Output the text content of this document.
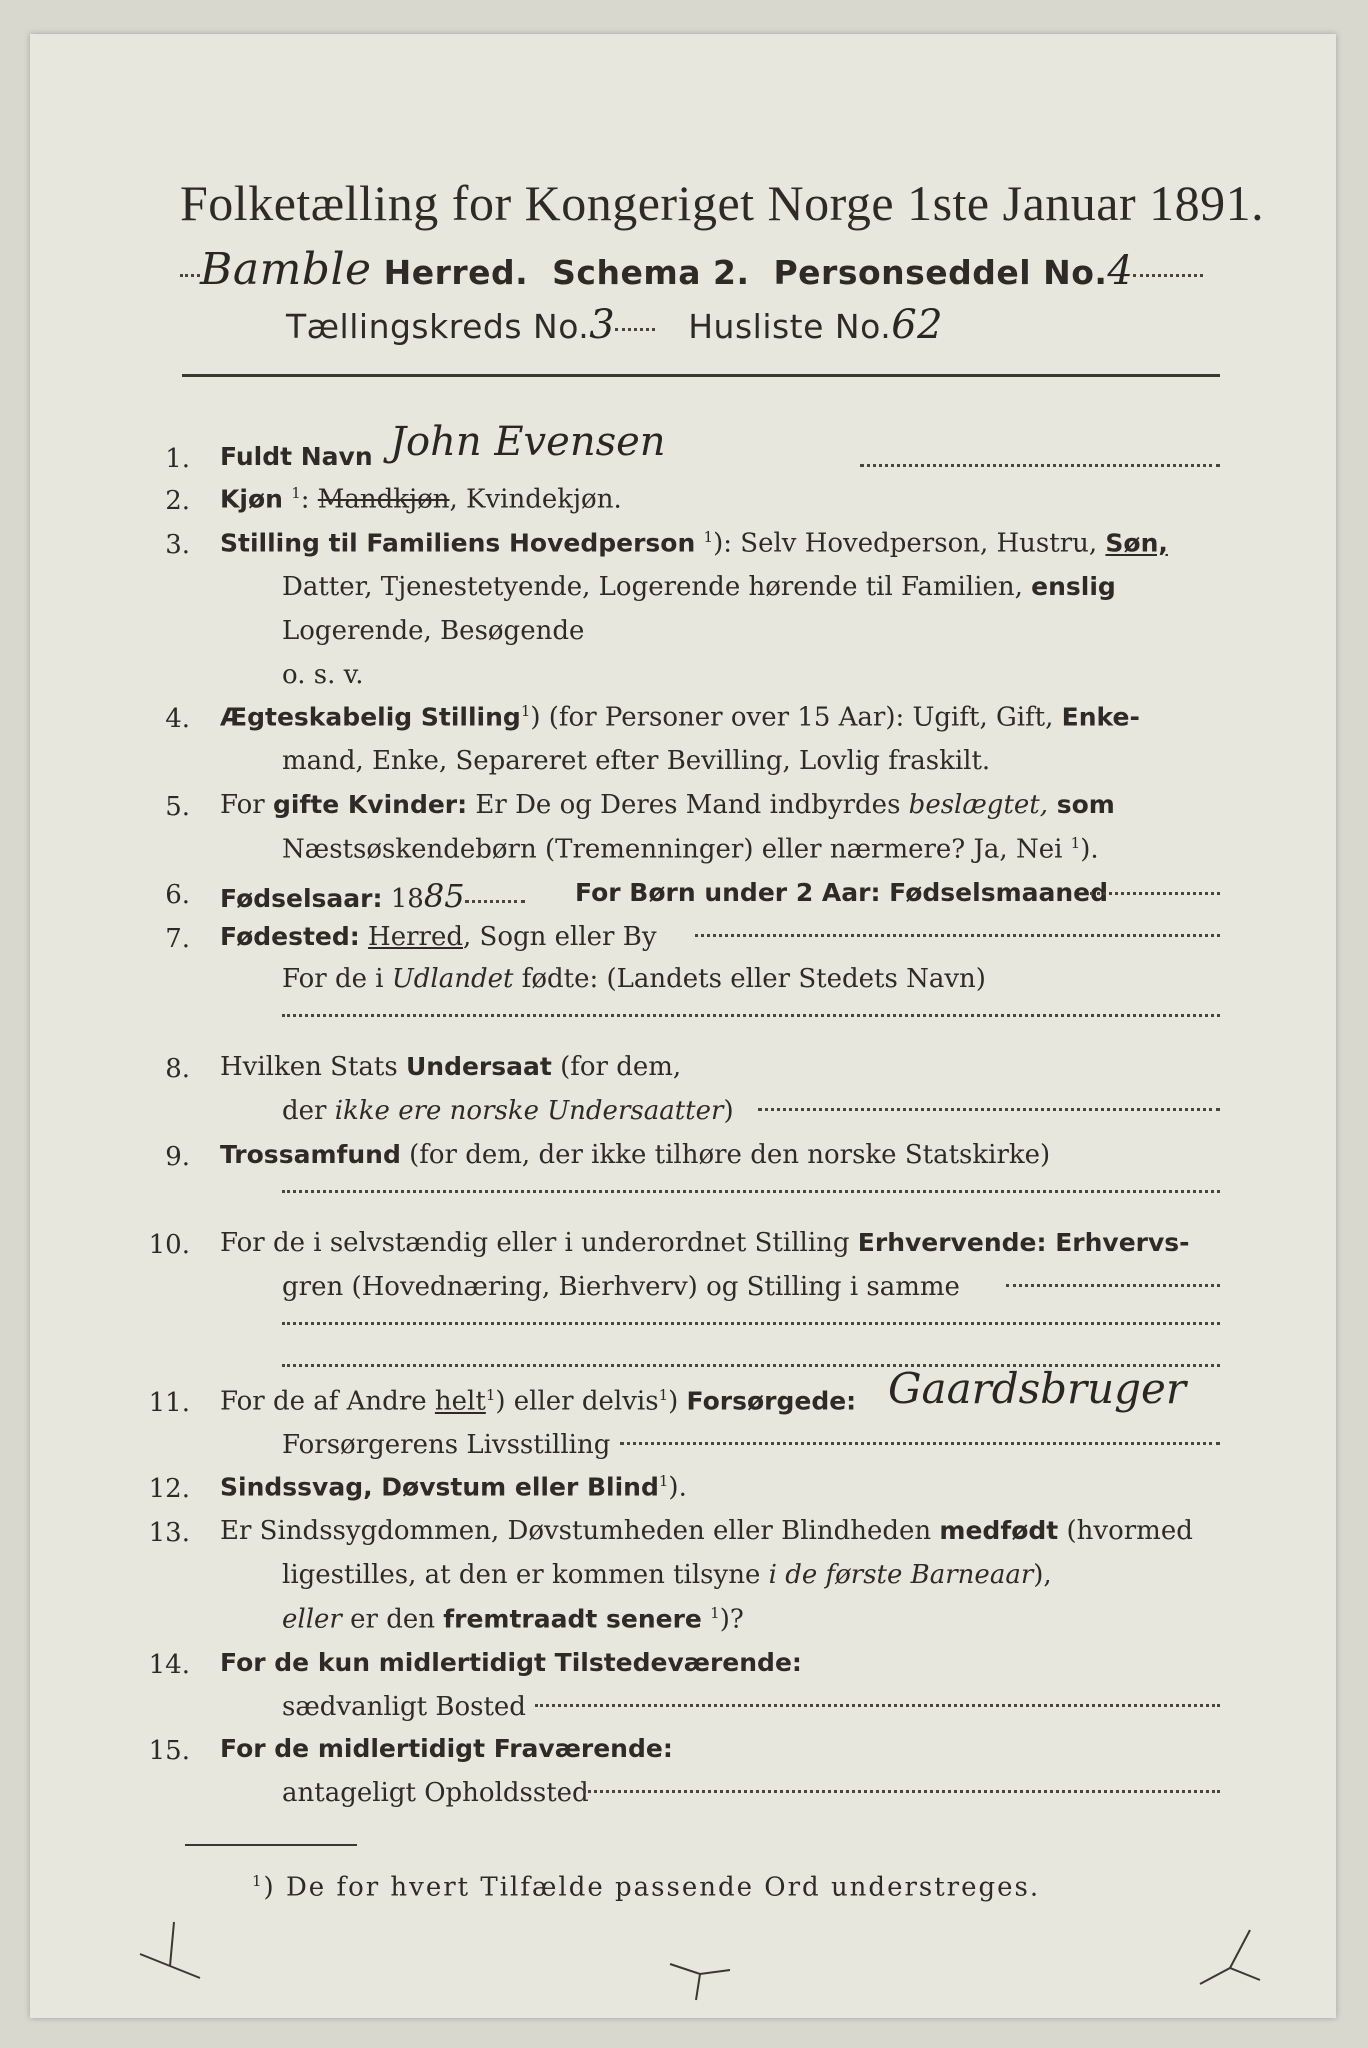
Folketælling for Kongeriget Norge 1ste Januar 1891.
Bamble Herred. Schema 2. Personseddel No.4
Tællingskreds No.3 Husliste No.62
1. Fuldt Navn John Evensen
2. Kjøn $^1$: Mandkjøn, Kvindekjøn.
3. Stilling til Familiens Hovedperson $^1$): Selv Hovedperson, Hustru, Søn,
Datter, Tjenestetyende, Logerende hørende til Familien, enslig
Logerende, Besøgende
o. s. v.
4. Ægteskabelig Stilling$^1$) (for Personer over 15 Aar): Ugift, Gift, Enke-
mand, Enke, Separeret efter Bevilling, Lovlig fraskilt.
5. For gifte Kvinder: Er De og Deres Mand indbyrdes beslægtet, som
Næstsøskendebørn (Tremenninger) eller nærmere? Ja, Nei $^1$).
6. Fødselsaar: 1885	For Børn under 2 Aar: Fødselsmaaned
7. Fødested: Herred, Sogn eller By
For de i Udlandet fødte: (Landets eller Stedets Navn)
8. Hvilken Stats Undersaat (for dem,
der ikke ere norske Undersaatter)
9. Trossamfund (for dem, der ikke tilhøre den norske Statskirke)
10. For de i selvstændig eller i underordnet Stilling Erhvervende: Erhvervs-
gren (Hovednæring, Bierhverv) og Stilling i samme
11. For de af Andre helt$^1$) eller delvis$^1$) Forsørgede: Gaardsbruger
Forsørgerens Livsstilling
12. Sindssvag, Døvstum eller Blind$^1$).
13. Er Sindssygdommen, Døvstumheden eller Blindheden medfødt (hvormed
ligestilles, at den er kommen tilsyne i de første Barneaar),
eller er den fremtraadt senere $^1$)?
14. For de kun midlertidigt Tilstedeværende:
sædvanligt Bosted
15. For de midlertidigt Fraværende:
antageligt Opholdssted
$^1$) De for hvert Tilfælde passende Ord understreges.
